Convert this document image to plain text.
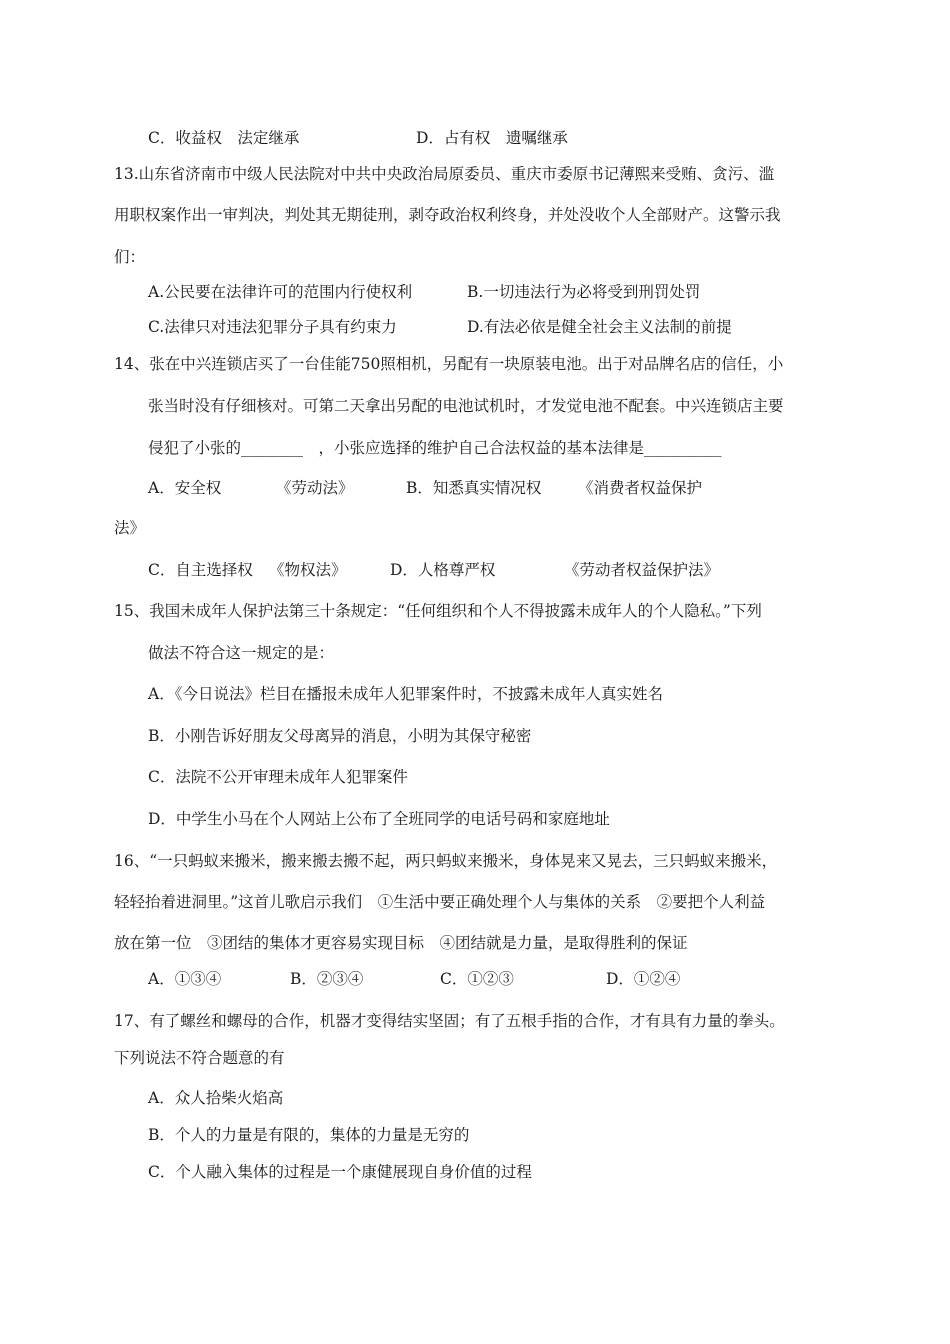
C．收益权　法定继承	D．占有权　遗嘱继承
13.山东省济南市中级人民法院对中共中央政治局原委员、重庆市委原书记薄熙来受贿、贪污、滥
用职权案作出一审判决，判处其无期徒刑，剥夺政治权利终身，并处没收个人全部财产。这警示我
们：
A.公民要在法律许可的范围内行使权利	B.一切违法行为必将受到刑罚处罚
C.法律只对违法犯罪分子具有约束力	D.有法必依是健全社会主义法制的前提
14、张在中兴连锁店买了一台佳能750照相机，另配有一块原装电池。出于对品牌名店的信任，小
张当时没有仔细核对。可第二天拿出另配的电池试机时，才发觉电池不配套。中兴连锁店主要
侵犯了小张的________　，小张应选择的维护自己合法权益的基本法律是__________
A．安全权	《劳动法》	B．知悉真实情况权 《消费者权益保护
法》
C．自主选择权 《物权法》	D．人格尊严权	《劳动者权益保护法》
15、我国未成年人保护法第三十条规定：“任何组织和个人不得披露未成年人的个人隐私。”下列
做法不符合这一规定的是：
A．《今日说法》栏目在播报未成年人犯罪案件时，不披露未成年人真实姓名
B．小刚告诉好朋友父母离异的消息，小明为其保守秘密
C．法院不公开审理未成年人犯罪案件
D．中学生小马在个人网站上公布了全班同学的电话号码和家庭地址
16、“一只蚂蚁来搬米，搬来搬去搬不起，两只蚂蚁来搬米，身体晃来又晃去，三只蚂蚁来搬米，
轻轻抬着进洞里。”这首儿歌启示我们　①生活中要正确处理个人与集体的关系　②要把个人利益
放在第一位　③团结的集体才更容易实现目标　④团结就是力量，是取得胜利的保证
A．①③④	B．②③④	C．①②③	D．①②④
17、有了螺丝和螺母的合作，机器才变得结实坚固；有了五根手指的合作，才有具有力量的拳头。
下列说法不符合题意的有
A．众人拾柴火焰高
B．个人的力量是有限的，集体的力量是无穷的
C．个人融入集体的过程是一个康健展现自身价值的过程
